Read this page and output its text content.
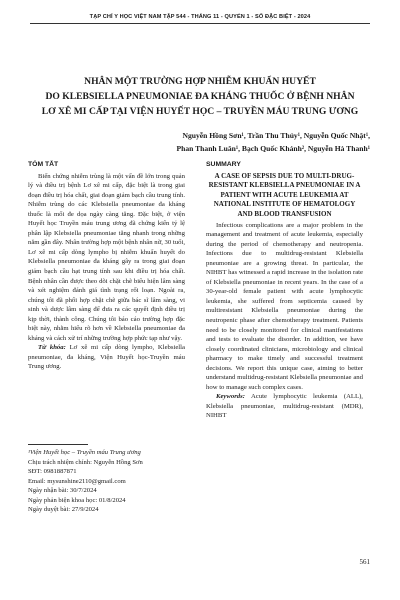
TẠP CHÍ Y HỌC VIỆT NAM TẬP 544 - THÁNG 11 - QUYỂN 1 - SỐ ĐẶC BIỆT - 2024
NHÂN MỘT TRƯỜNG HỢP NHIỄM KHUẨN HUYẾT
DO KLEBSIELLA PNEUMONIAE ĐA KHÁNG THUỐC Ở BỆNH NHÂN
LƠ XÊ MI CẤP TẠI VIỆN HUYẾT HỌC – TRUYỀN MÁU TRUNG ƯƠNG
Nguyễn Hồng Sơn¹, Trần Thu Thủy¹, Nguyễn Quốc Nhật¹,
Phan Thanh Luân¹, Bạch Quốc Khánh², Nguyễn Hà Thanh¹
TÓM TẮT

Biến chứng nhiễm trùng là một vấn đề lớn trong quản lý và điều trị bệnh Lơ xê mi cấp, đặc biệt là trong giai đoạn điều trị hóa chất, giai đoạn giảm bạch cầu trung tính. Nhiễm trùng do các Klebsiella pneumoniae đa kháng thuốc là mối đe dọa ngày càng tăng. Đặc biệt, ở viện Huyết học Truyền máu trung ương đã chứng kiến tỷ lệ phân lập Klebsiella pneumoniae tăng nhanh trong những năm gần đây. Nhân trường hợp một bệnh nhân nữ, 30 tuổi, Lơ xê mi cấp dòng lympho bị nhiễm khuẩn huyết do Klebsiella pneumoniae đa kháng gây ra trong giai đoạn giảm bạch cầu hạt trung tính sau khi điều trị hóa chất. Bệnh nhân cần được theo dõi chặt chẽ biểu hiện lâm sàng và xét nghiệm đánh giá tình trạng rối loạn. Ngoài ra, chúng tôi đã phối hợp chặt chẽ giữa bác sĩ lâm sàng, vi sinh và dược lâm sàng để đưa ra các quyết định điều trị kịp thời, thành công. Chúng tôi báo cáo trường hợp đặc biệt này, nhằm hiểu rõ hơn về Klebsiella pneumoniae đa kháng và cách xử trí những trường hợp phức tạp như vậy.

Từ khóa: Lơ xê mi cấp dòng lympho, Klebsiella pneumoniae, đa kháng, Viện Huyết học-Truyền máu Trung ương.

¹Viện Huyết học – Truyền máu Trung ương
Chịu trách nhiệm chính: Nguyễn Hồng Sơn
SĐT: 0981887871
Email: mysunshine2110@gmail.com
Ngày nhận bài: 30/7/2024
Ngày phản biện khoa học: 01/8/2024
Ngày duyệt bài: 27/9/2024
SUMMARY
A CASE OF SEPSIS DUE TO MULTI-DRUG-RESISTANT KLEBSIELLA PNEUMONIAE IN A PATIENT WITH ACUTE LEUKEMIA AT NATIONAL INSTITUTE OF HEMATOLOGY AND BLOOD TRANSFUSION

Infectious complications are a major problem in the management and treatment of acute leukemia, especially during the period of chemotherapy and neutropenia. Infections due to multidrug-resistant Klebsiella pneumoniae are a growing threat. In particular, the NIHBT has witnessed a rapid increase in the isolation rate of Klebsiella pneumoniae in recent years. In the case of a 30-year-old female patient with acute lymphocytic leukemia, she suffered from septicemia caused by multiresistant Klebsiella pneumoniae during the neutropenic phase after chemotherapy treatment. Patients need to be closely monitored for clinical manifestations and tests to evaluate the disorder. In addition, we have closely coordinated clinicians, microbiology and clinical pharmacy to make timely and successful treatment decisions. We report this unique case, aiming to better understand multidrug-resistant Klebsiella pneumoniae and how to manage such complex cases.

Keywords: Acute lymphocytic leukemia (ALL), Klebsiella pneumoniae, multidrug-resistant (MDR), NIHBT

561
